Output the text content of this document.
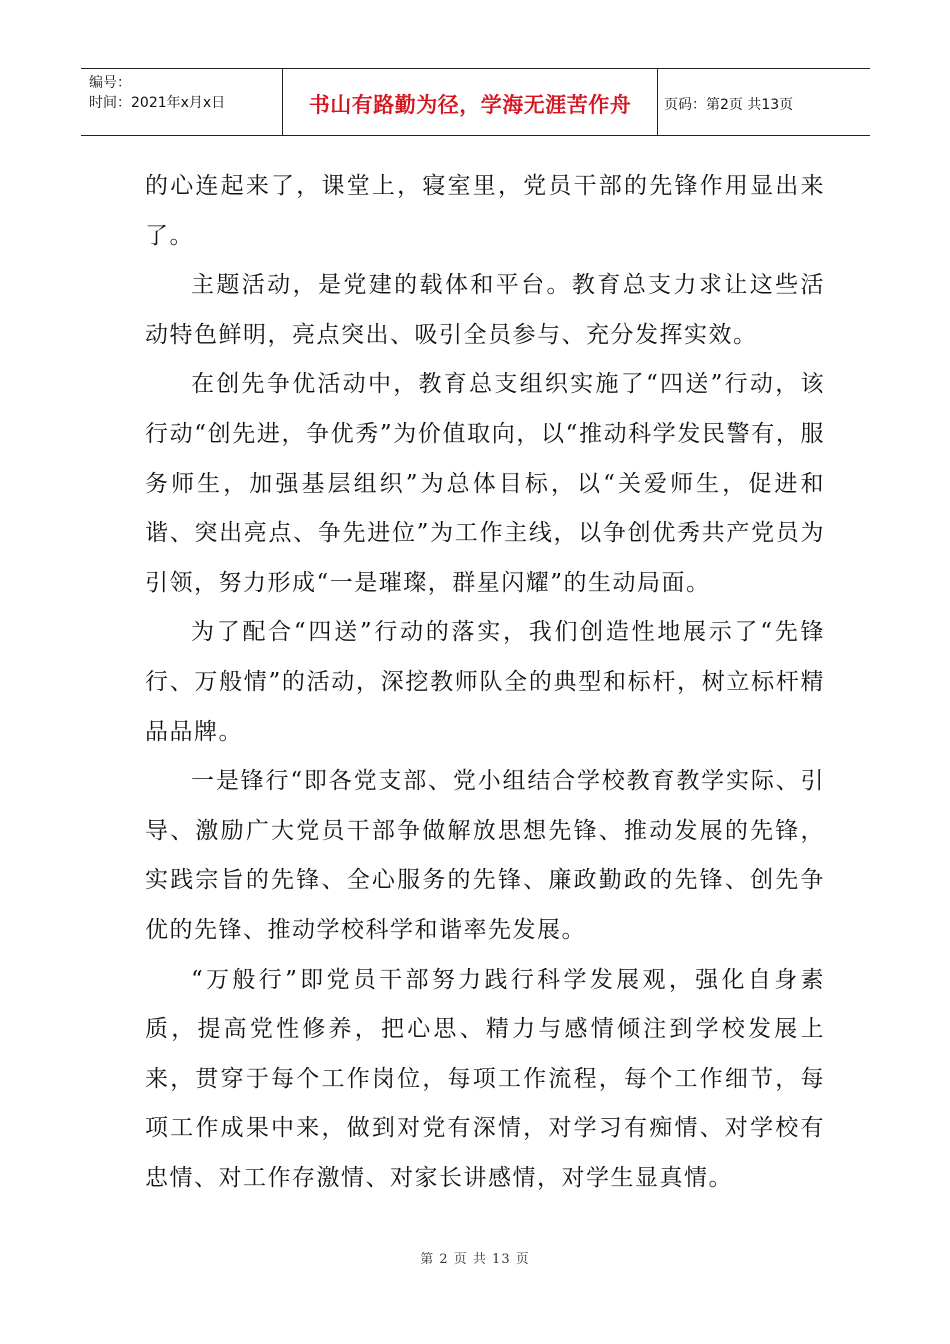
编号：
时间：2021年x月x日	书山有路勤为径，学海无涯苦作舟	页码：第2页 共13页

的心连起来了，课堂上，寝室里，党员干部的先锋作用显出来了。

主题活动，是党建的载体和平台。教育总支力求让这些活动特色鲜明，亮点突出、吸引全员参与、充分发挥实效。

在创先争优活动中，教育总支组织实施了“四送”行动，该行动“创先进，争优秀”为价值取向，以“推动科学发民警有，服务师生，加强基层组织”为总体目标，以“关爱师生，促进和谐、突出亮点、争先进位”为工作主线，以争创优秀共产党员为引领，努力形成“一是璀璨，群星闪耀”的生动局面。

为了配合“四送”行动的落实，我们创造性地展示了“先锋行、万般情”的活动，深挖教师队全的典型和标杆，树立标杆精品品牌。

一是锋行“即各党支部、党小组结合学校教育教学实际、引导、激励广大党员干部争做解放思想先锋、推动发展的先锋，实践宗旨的先锋、全心服务的先锋、廉政勤政的先锋、创先争优的先锋、推动学校科学和谐率先发展。

“万般行”即党员干部努力践行科学发展观，强化自身素质，提高党性修养，把心思、精力与感情倾注到学校发展上来，贯穿于每个工作岗位，每项工作流程，每个工作细节，每项工作成果中来，做到对党有深情，对学习有痴情、对学校有忠情、对工作存激情、对家长讲感情，对学生显真情。

第 2 页 共 13 页
